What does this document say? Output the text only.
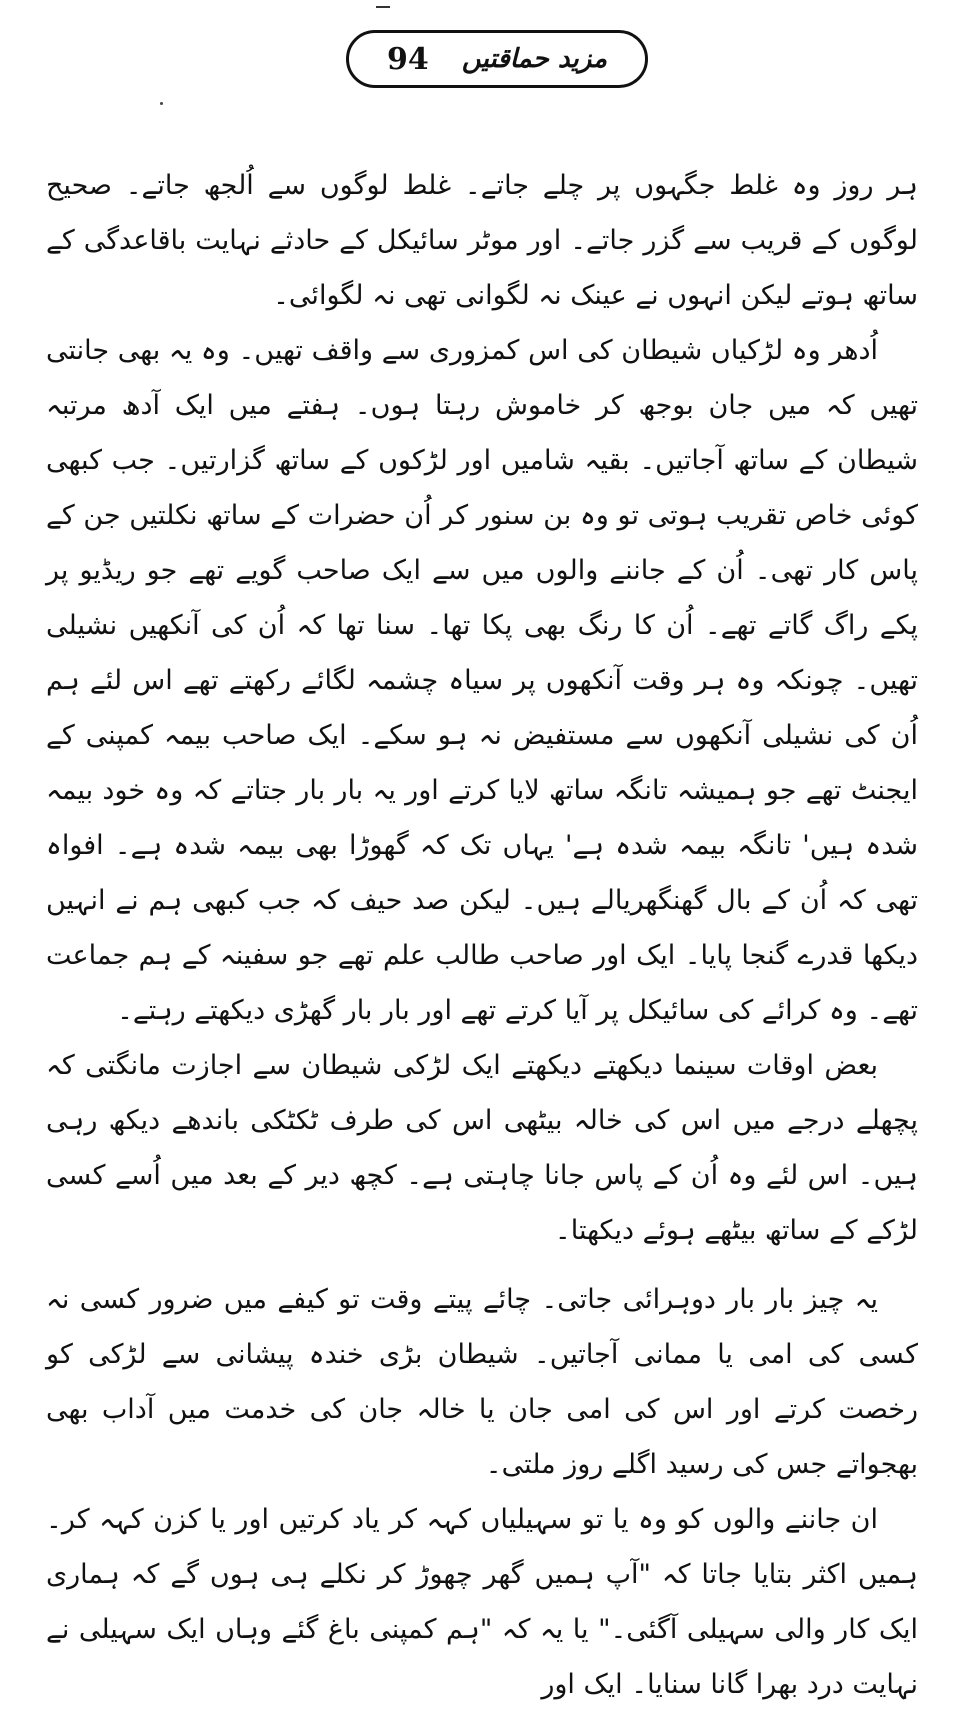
94 مزید حماقتیں

ہر روز وہ غلط جگہوں پر چلے جاتے۔ غلط لوگوں سے اُلجھ جاتے۔ صحیح لوگوں کے قریب سے گزر جاتے۔ اور موٹر سائیکل کے حادثے نہایت باقاعدگی کے ساتھ ہوتے لیکن انہوں نے عینک نہ لگوانی تھی نہ لگوائی۔

اُدھر وہ لڑکیاں شیطان کی اس کمزوری سے واقف تھیں۔ وہ یہ بھی جانتی تھیں کہ میں جان بوجھ کر خاموش رہتا ہوں۔ ہفتے میں ایک آدھ مرتبہ شیطان کے ساتھ آجاتیں۔ بقیہ شامیں اور لڑکوں کے ساتھ گزارتیں۔ جب کبھی کوئی خاص تقریب ہوتی تو وہ بن سنور کر اُن حضرات کے ساتھ نکلتیں جن کے پاس کار تھی۔ اُن کے جاننے والوں میں سے ایک صاحب گویے تھے جو ریڈیو پر پکے راگ گاتے تھے۔ اُن کا رنگ بھی پکا تھا۔ سنا تھا کہ اُن کی آنکھیں نشیلی تھیں۔ چونکہ وہ ہر وقت آنکھوں پر سیاہ چشمہ لگائے رکھتے تھے اس لئے ہم اُن کی نشیلی آنکھوں سے مستفیض نہ ہو سکے۔ ایک صاحب بیمہ کمپنی کے ایجنٹ تھے جو ہمیشہ تانگہ ساتھ لایا کرتے اور یہ بار بار جتاتے کہ وہ خود بیمہ شدہ ہیں' تانگہ بیمہ شدہ ہے' یہاں تک کہ گھوڑا بھی بیمہ شدہ ہے۔ افواہ تھی کہ اُن کے بال گھنگھریالے ہیں۔ لیکن صد حیف کہ جب کبھی ہم نے انہیں دیکھا قدرے گنجا پایا۔ ایک اور صاحب طالب علم تھے جو سفینہ کے ہم جماعت تھے۔ وہ کرائے کی سائیکل پر آیا کرتے تھے اور بار بار گھڑی دیکھتے رہتے۔

بعض اوقات سینما دیکھتے دیکھتے ایک لڑکی شیطان سے اجازت مانگتی کہ پچھلے درجے میں اس کی خالہ بیٹھی اس کی طرف ٹکٹکی باندھے دیکھ رہی ہیں۔ اس لئے وہ اُن کے پاس جانا چاہتی ہے۔ کچھ دیر کے بعد میں اُسے کسی لڑکے کے ساتھ بیٹھے ہوئے دیکھتا۔

یہ چیز بار بار دوہرائی جاتی۔ چائے پیتے وقت تو کیفے میں ضرور کسی نہ کسی کی امی یا ممانی آجاتیں۔ شیطان بڑی خندہ پیشانی سے لڑکی کو رخصت کرتے اور اس کی امی جان یا خالہ جان کی خدمت میں آداب بھی بھجواتے جس کی رسید اگلے روز ملتی۔

ان جاننے والوں کو وہ یا تو سہیلیاں کہہ کر یاد کرتیں اور یا کزن کہہ کر۔ ہمیں اکثر بتایا جاتا کہ "آپ ہمیں گھر چھوڑ کر نکلے ہی ہوں گے کہ ہماری ایک کار والی سہیلی آگئی۔" یا یہ کہ "ہم کمپنی باغ گئے وہاں ایک سہیلی نے نہایت درد بھرا گانا سنایا۔ ایک اور
